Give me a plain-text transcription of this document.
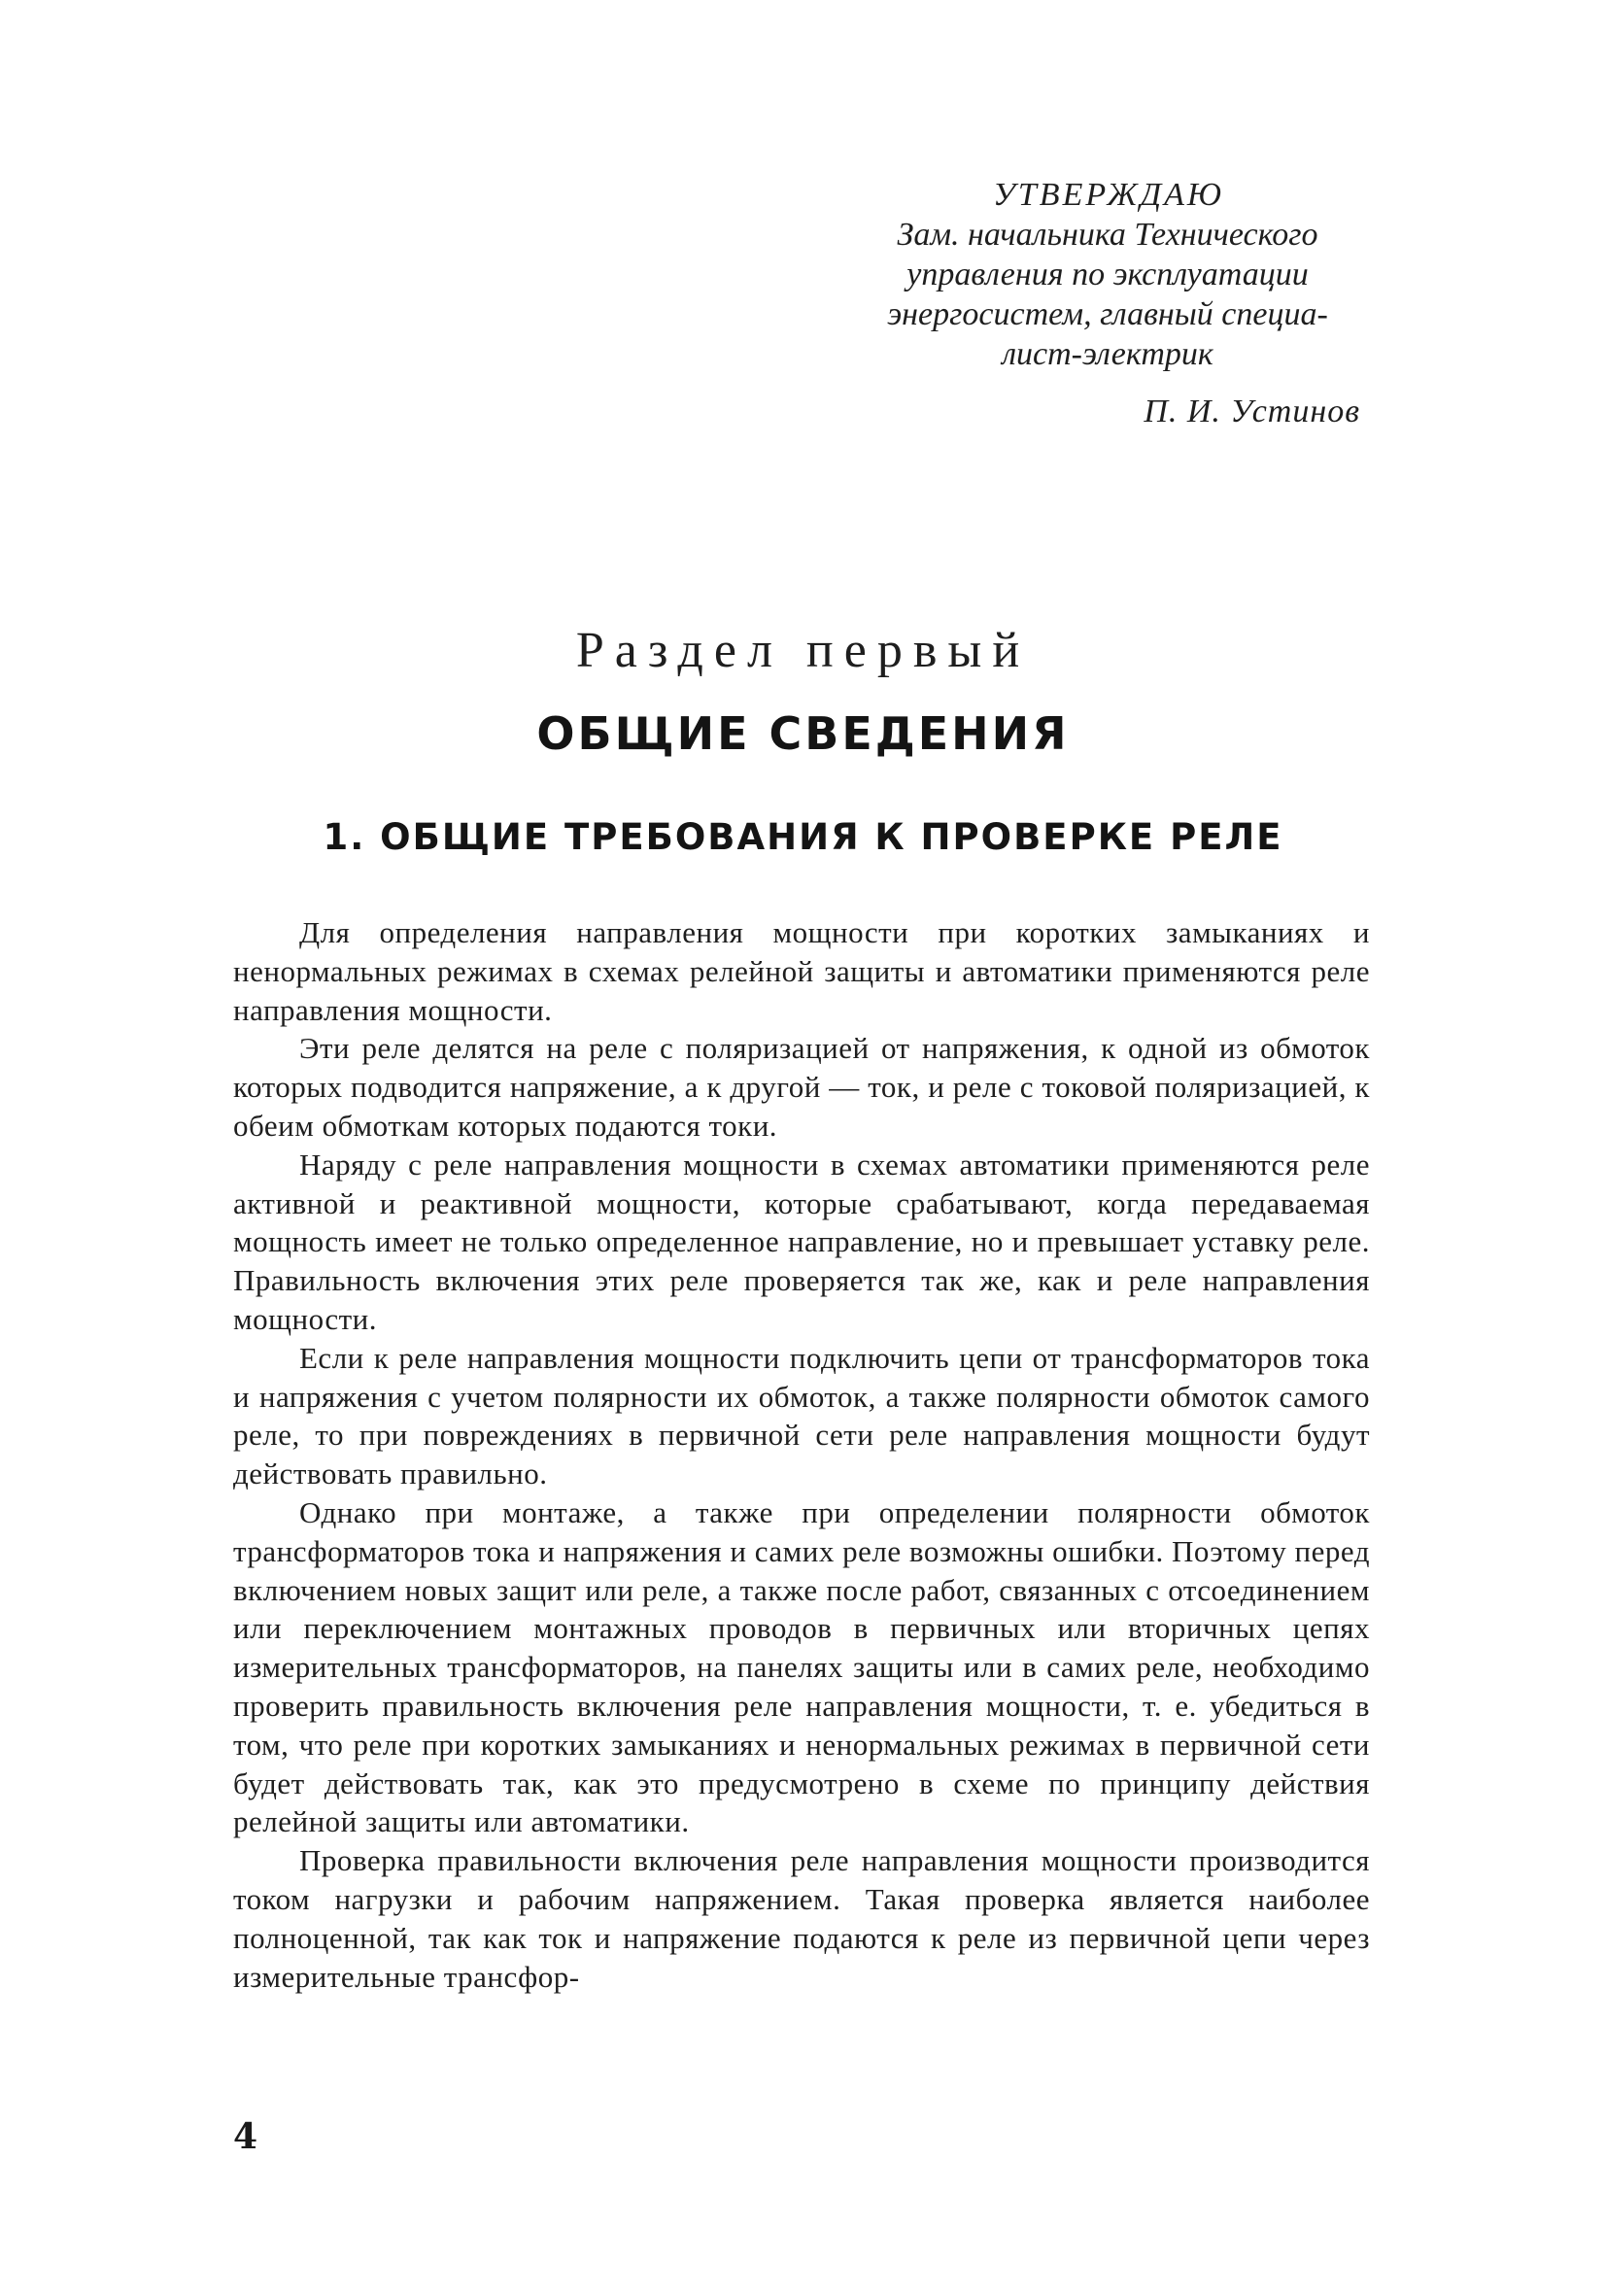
УТВЕРЖДАЮ
Зам. начальника Технического
управления по эксплуатации
энергосистем, главный специа-
лист-электрик
П. И. Устинов
Раздел первый
ОБЩИЕ СВЕДЕНИЯ
1. ОБЩИЕ ТРЕБОВАНИЯ К ПРОВЕРКЕ РЕЛЕ

Для определения направления мощности при коротких замыканиях и ненормальных режимах в схемах релейной защиты и автоматики применяются реле направления мощности.

Эти реле делятся на реле с поляризацией от напряжения, к одной из обмоток которых подводится напряжение, а к другой — ток, и реле с токовой поляризацией, к обеим обмоткам которых подаются токи.

Наряду с реле направления мощности в схемах автоматики применяются реле активной и реактивной мощности, которые срабатывают, когда передаваемая мощность имеет не только определенное направление, но и превышает уставку реле. Правильность включения этих реле проверяется так же, как и реле направления мощности.

Если к реле направления мощности подключить цепи от трансформаторов тока и напряжения с учетом полярности их обмоток, а также полярности обмоток самого реле, то при повреждениях в первичной сети реле направления мощности будут действовать правильно.

Однако при монтаже, а также при определении полярности обмоток трансформаторов тока и напряжения и самих реле возможны ошибки. Поэтому перед включением новых защит или реле, а также после работ, связанных с отсоединением или переключением монтажных проводов в первичных или вторичных цепях измерительных трансформаторов, на панелях защиты или в самих реле, необходимо проверить правильность включения реле направления мощности, т. е. убедиться в том, что реле при коротких замыканиях и ненормальных режимах в первичной сети будет действовать так, как это предусмотрено в схеме по принципу действия релейной защиты или автоматики.

Проверка правильности включения реле направления мощности производится током нагрузки и рабочим напряжением. Такая проверка является наиболее полноценной, так как ток и напряжение подаются к реле из первичной цепи через измерительные трансфор-

4
